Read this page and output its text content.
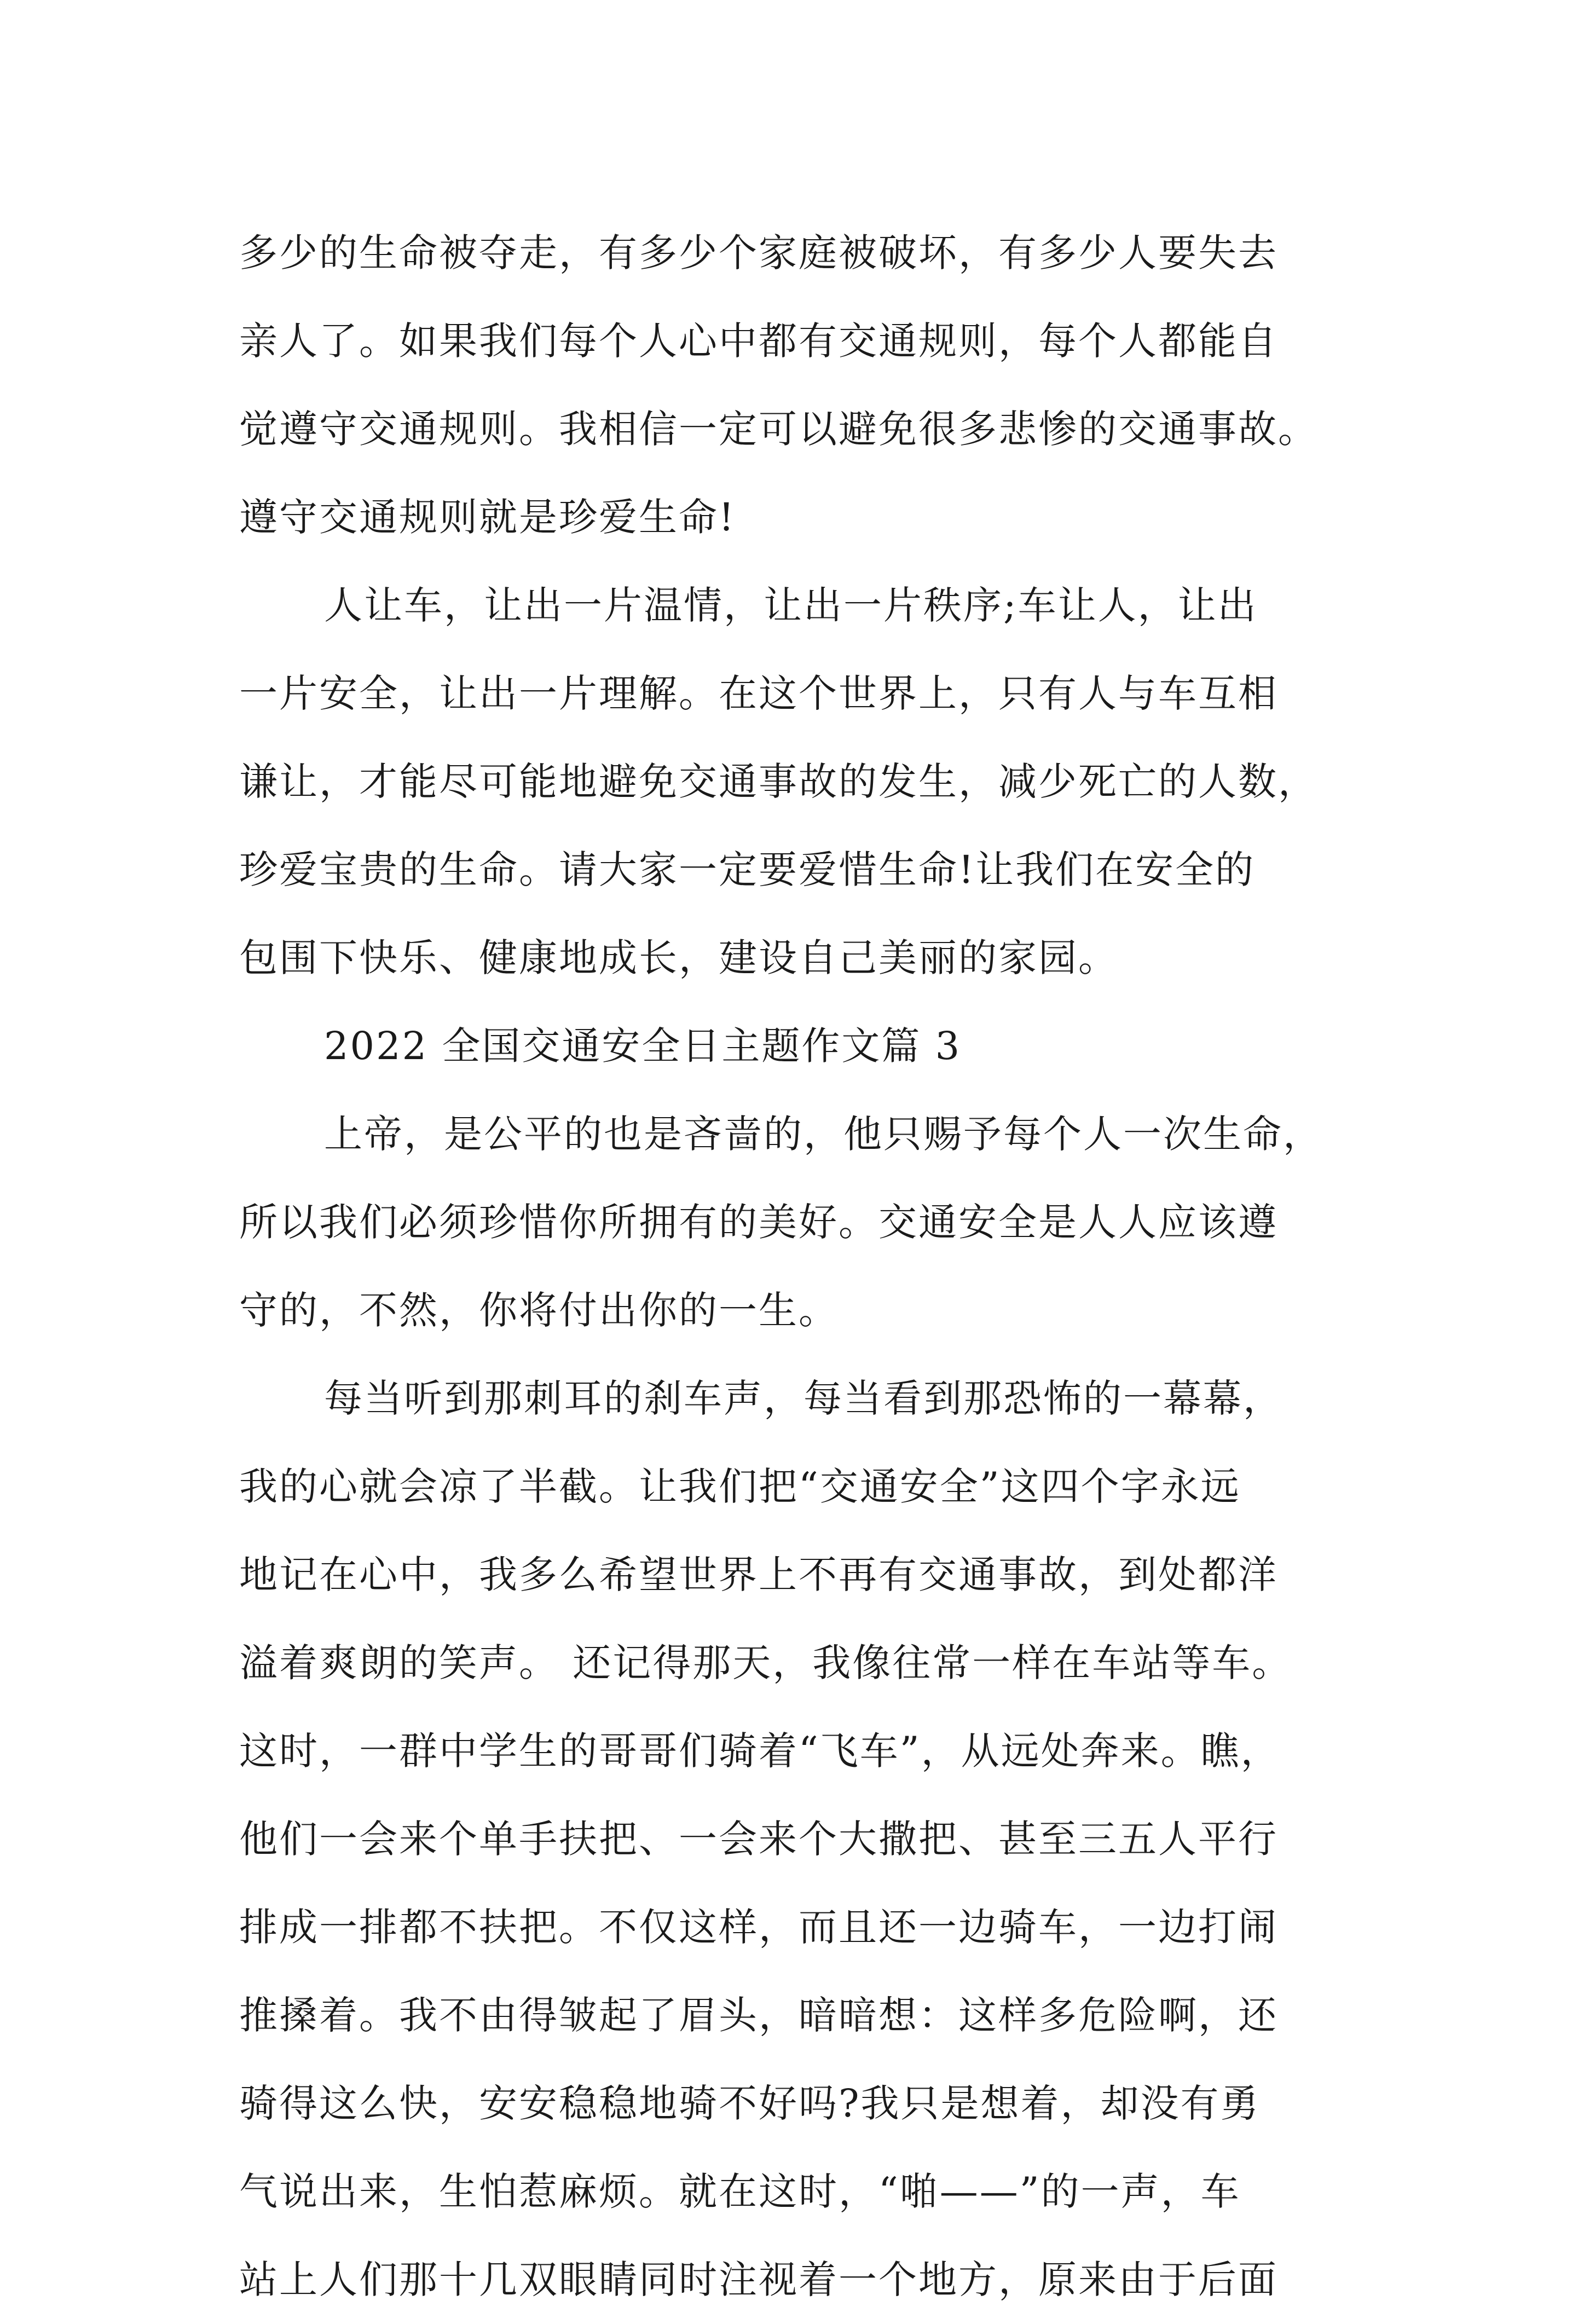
多少的生命被夺走，有多少个家庭被破坏，有多少人要失去
亲人了。如果我们每个人心中都有交通规则，每个人都能自
觉遵守交通规则。我相信一定可以避免很多悲惨的交通事故。
遵守交通规则就是珍爱生命!
人让车，让出一片温情，让出一片秩序;车让人，让出
一片安全，让出一片理解。在这个世界上，只有人与车互相
谦让，才能尽可能地避免交通事故的发生，减少死亡的人数，
珍爱宝贵的生命。请大家一定要爱惜生命!让我们在安全的
包围下快乐、健康地成长，建设自己美丽的家园。
2022 全国交通安全日主题作文篇 3
上帝，是公平的也是吝啬的，他只赐予每个人一次生命，
所以我们必须珍惜你所拥有的美好。交通安全是人人应该遵
守的，不然，你将付出你的一生。
每当听到那刺耳的刹车声，每当看到那恐怖的一幕幕，
我的心就会凉了半截。让我们把“交通安全”这四个字永远
地记在心中，我多么希望世界上不再有交通事故，到处都洋
溢着爽朗的笑声。 还记得那天，我像往常一样在车站等车。
这时，一群中学生的哥哥们骑着“飞车”，从远处奔来。瞧，
他们一会来个单手扶把、一会来个大撒把、甚至三五人平行
排成一排都不扶把。不仅这样，而且还一边骑车，一边打闹
推搡着。我不由得皱起了眉头，暗暗想：这样多危险啊，还
骑得这么快，安安稳稳地骑不好吗?我只是想着，却没有勇
气说出来，生怕惹麻烦。就在这时，“啪——”的一声，车
站上人们那十几双眼睛同时注视着一个地方，原来由于后面
